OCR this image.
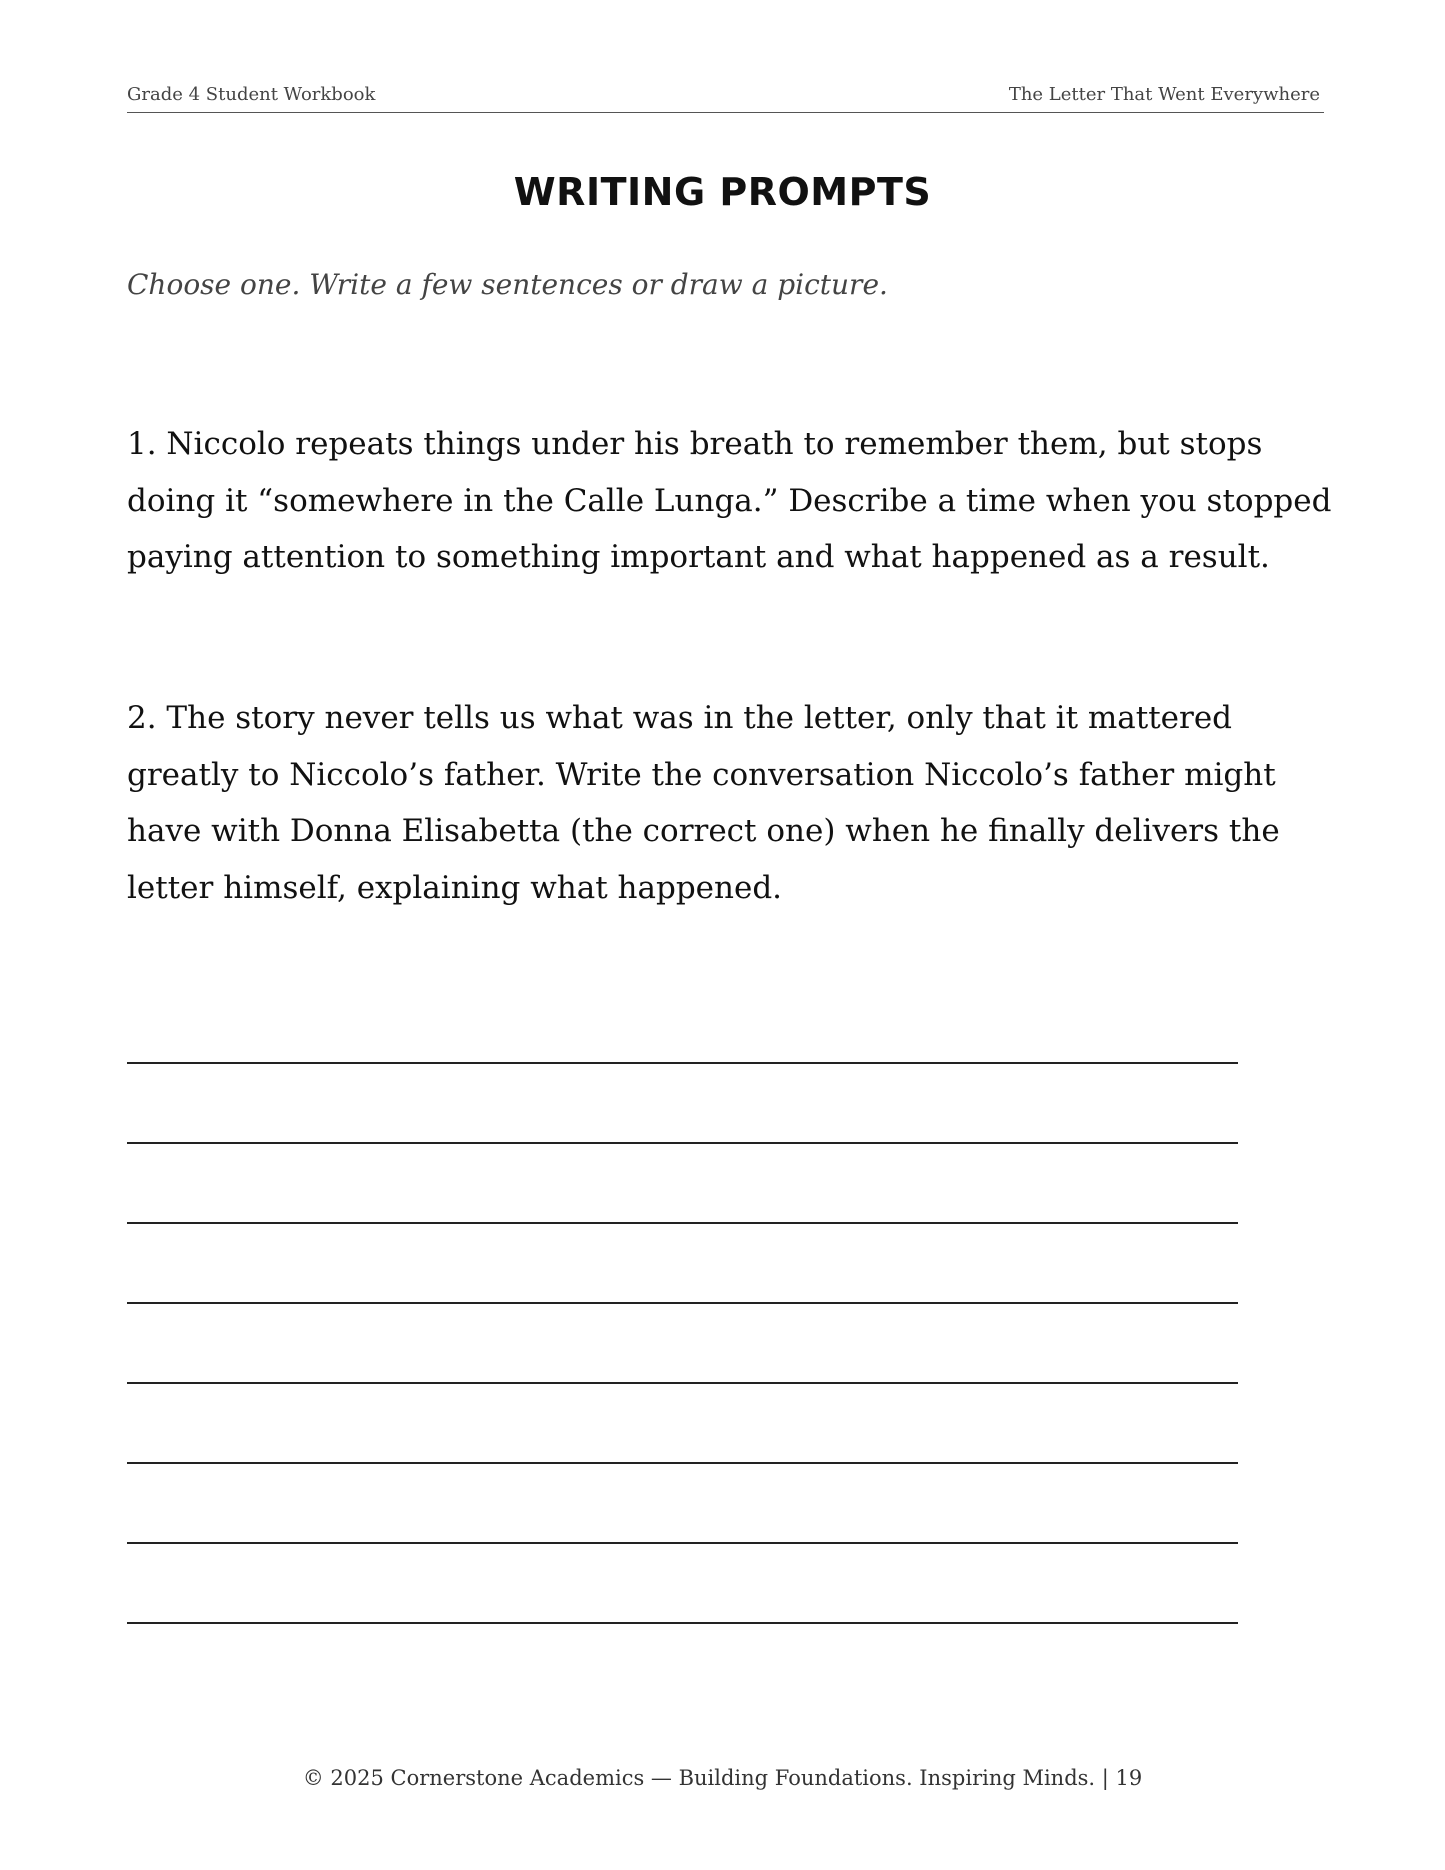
Grade 4 Student Workbook	The Letter That Went Everywhere
WRITING PROMPTS
Choose one. Write a few sentences or draw a picture.

1. Niccolo repeats things under his breath to remember them, but stops doing it “somewhere in the Calle Lunga.” Describe a time when you stopped paying attention to something important and what happened as a result.

2. The story never tells us what was in the letter, only that it mattered greatly to Niccolo’s father. Write the conversation Niccolo’s father might have with Donna Elisabetta (the correct one) when he finally delivers the letter himself, explaining what happened.

© 2025 Cornerstone Academics — Building Foundations. Inspiring Minds. | 19
